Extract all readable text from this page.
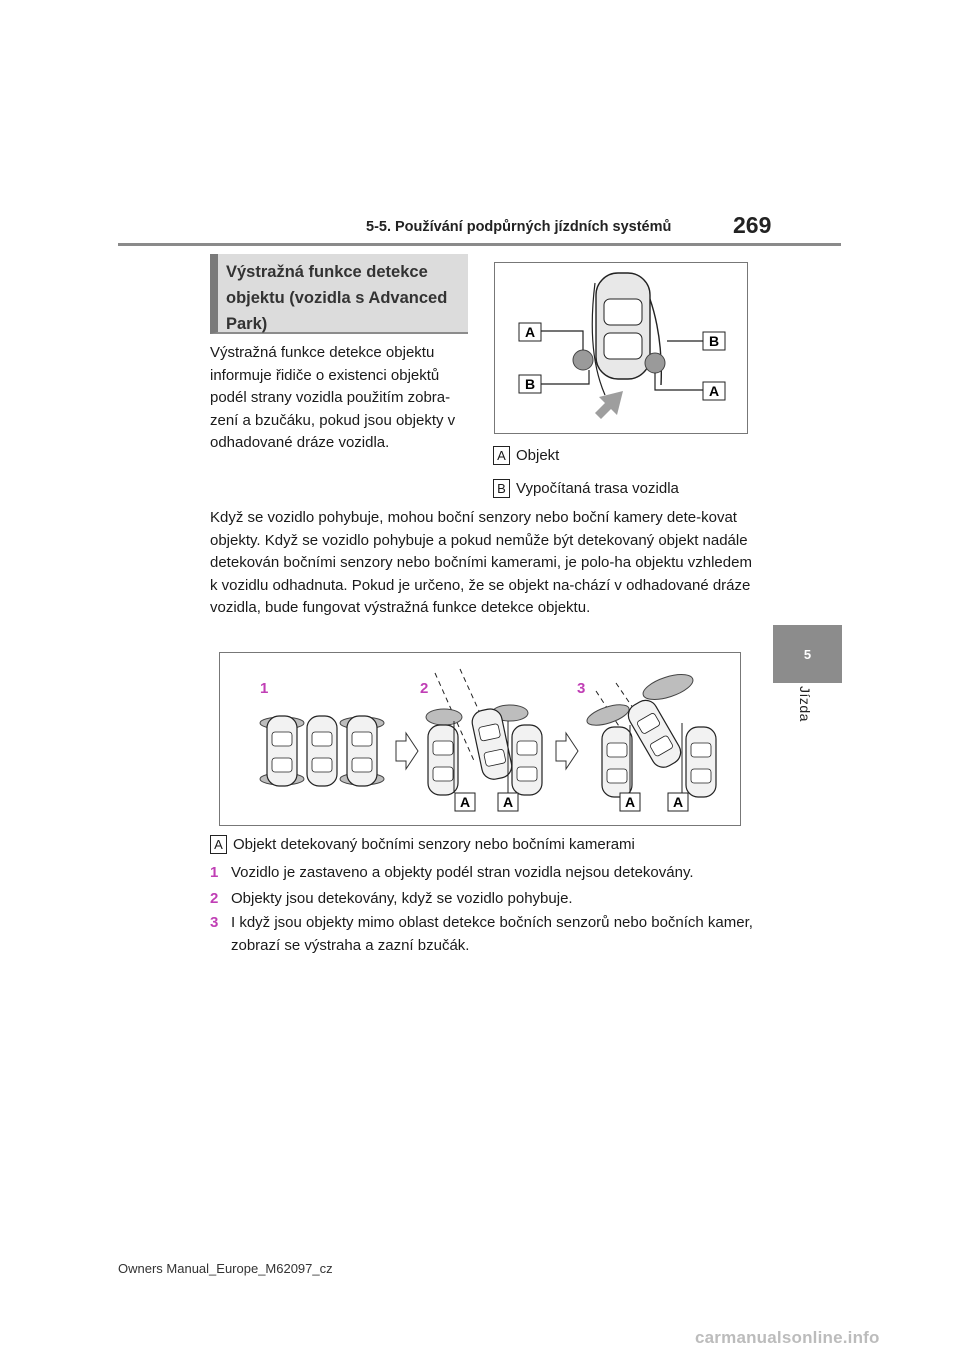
5-5. Používání podpůrných jízdních systémů	269
5
Jízda
Výstražná funkce detekce objektu (vozidla s Advanced Park)
Výstražná funkce detekce objektu informuje řidiče o existenci objektů podél strany vozidla použitím zobra-zení a bzučáku, pokud jsou objekty v odhadované dráze vozidla.
A
B
B
A
A Objekt
B Vypočítaná trasa vozidla
Když se vozidlo pohybuje, mohou boční senzory nebo boční kamery dete-kovat objekty. Když se vozidlo pohybuje a pokud nemůže být detekovaný objekt nadále detekován bočními senzory nebo bočními kamerami, je polo-ha objektu vzhledem k vozidlu odhadnuta. Pokud je určeno, že se objekt na-chází v odhadované dráze vozidla, bude fungovat výstražná funkce detekce objektu.
1	2	3
A A	A	A
A Objekt detekovaný bočními senzory nebo bočními kamerami
1 Vozidlo je zastaveno a objekty podél stran vozidla nejsou detekovány.
2 Objekty jsou detekovány, když se vozidlo pohybuje.
3 I když jsou objekty mimo oblast detekce bočních senzorů nebo bočních kamer, zobrazí se výstraha a zazní bzučák.
Owners Manual_Europe_M62097_cz
carmanualsonline.info
